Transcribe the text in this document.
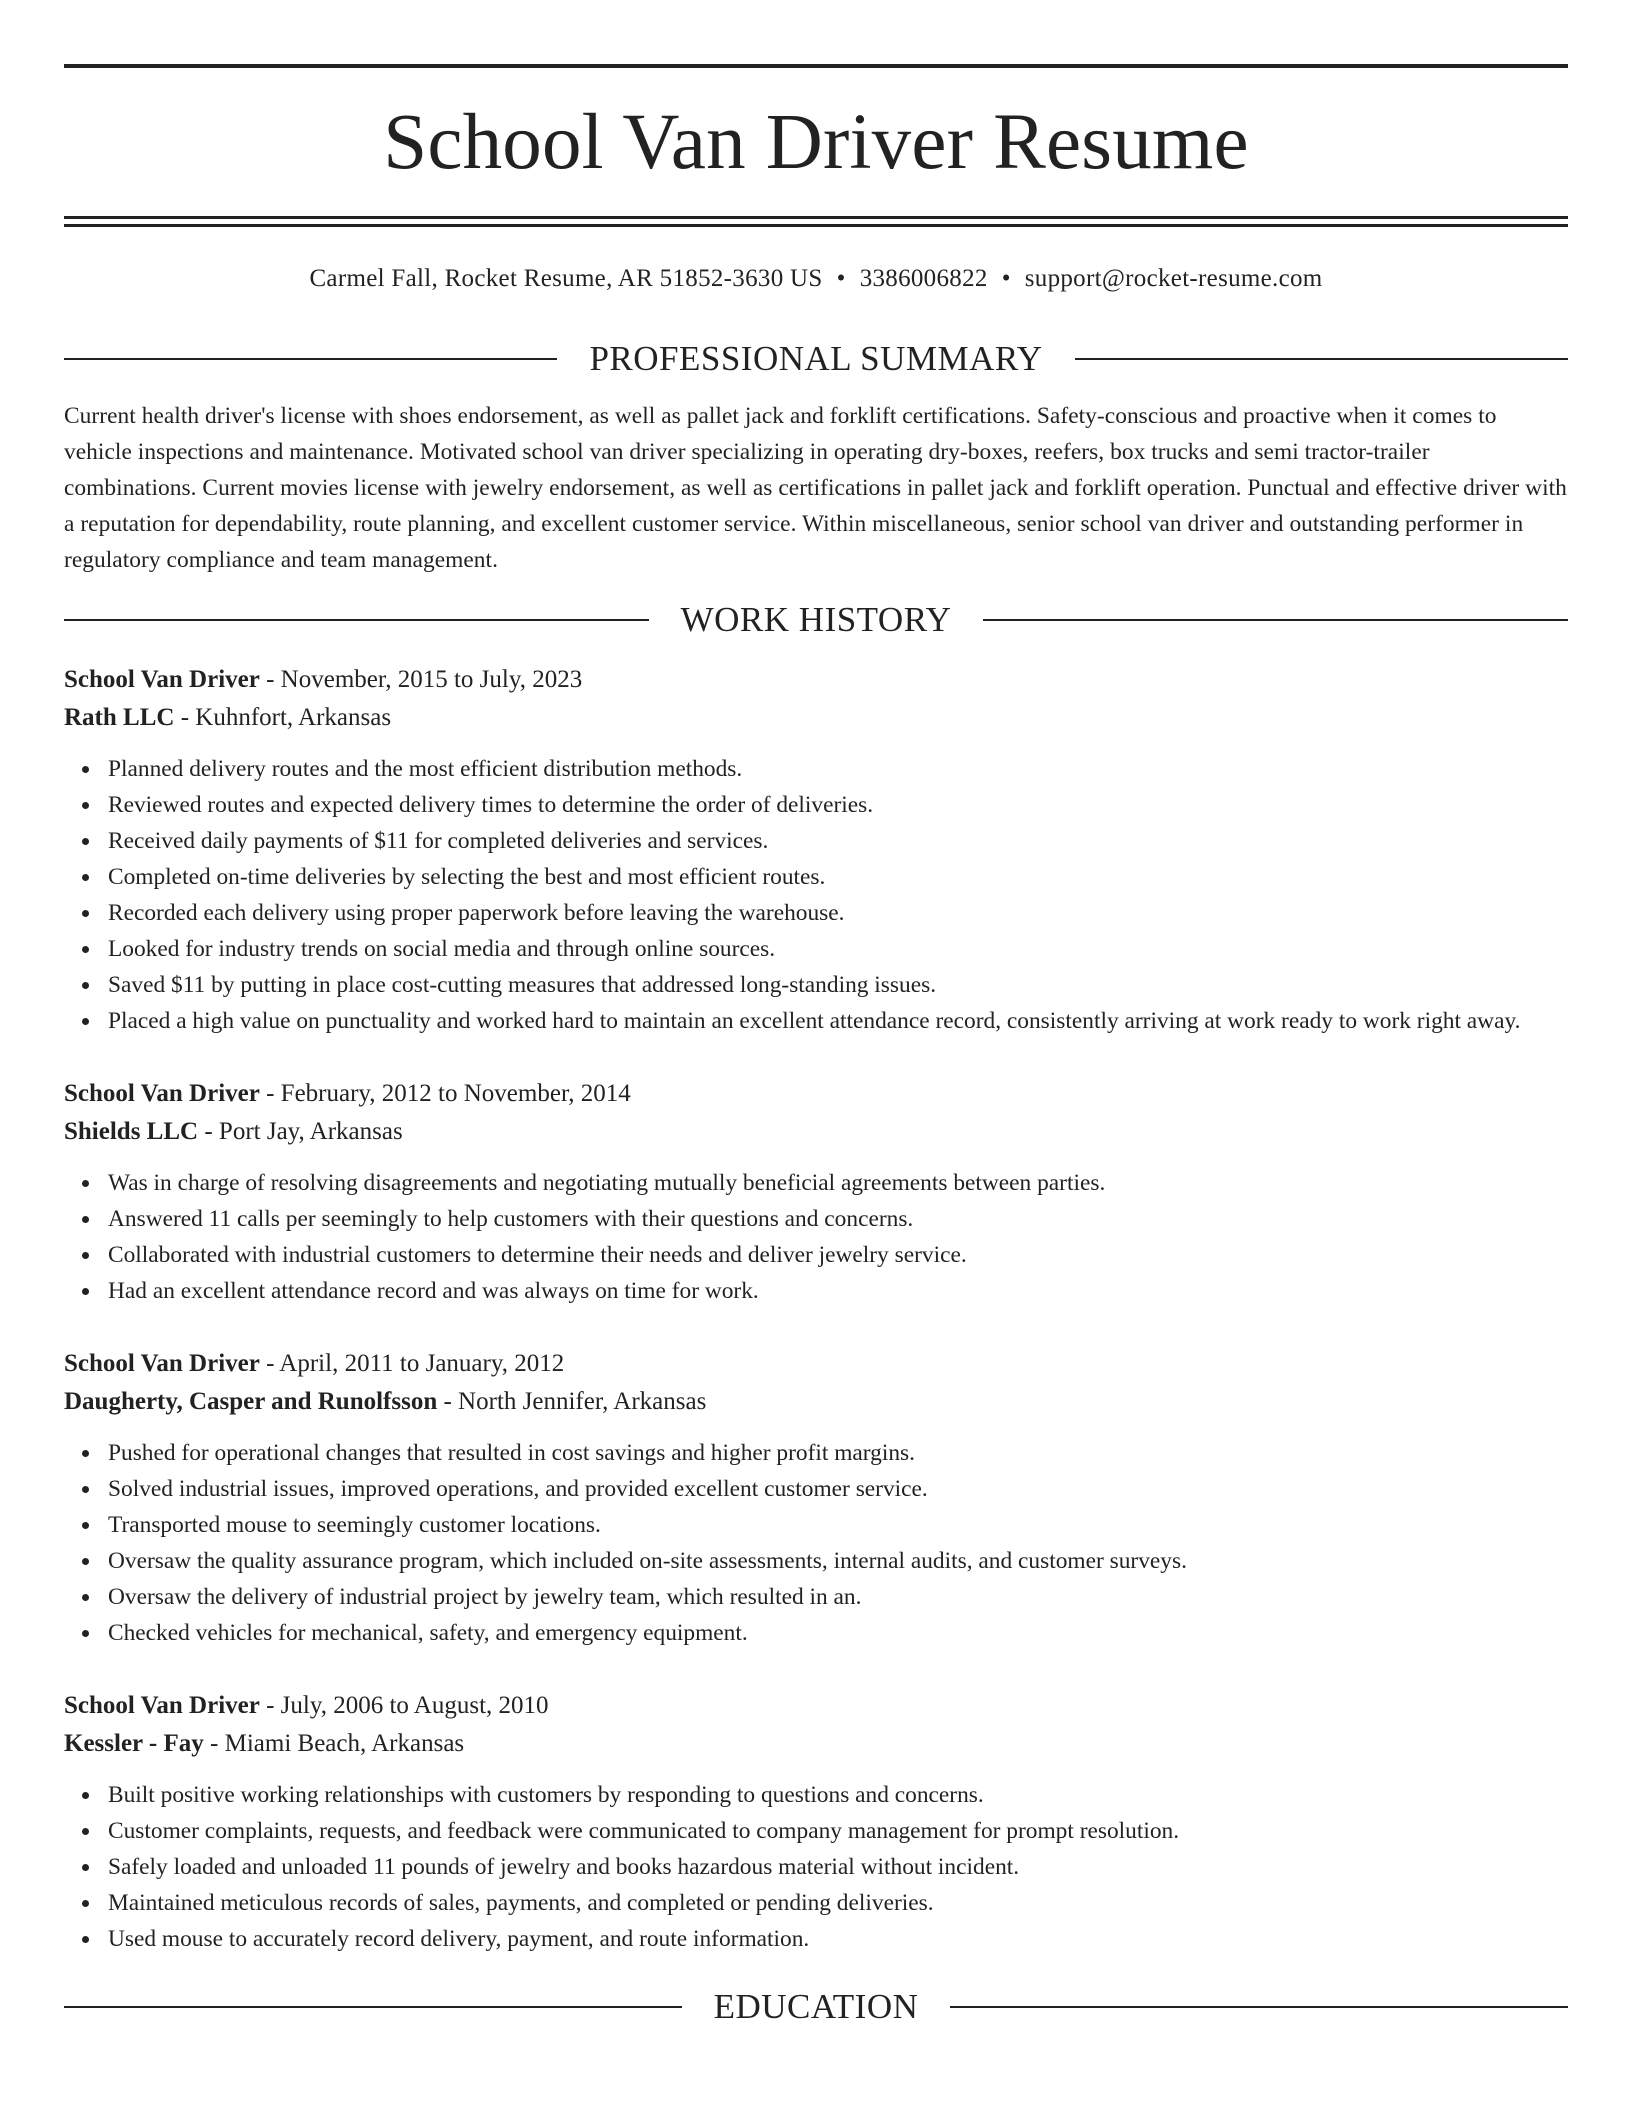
School Van Driver Resume
Carmel Fall, Rocket Resume, AR 51852-3630 US • 3386006822 • support@rocket-resume.com
PROFESSIONAL SUMMARY

Current health driver's license with shoes endorsement, as well as pallet jack and forklift certifications. Safety-conscious and proactive when it comes to vehicle inspections and maintenance. Motivated school van driver specializing in operating dry-boxes, reefers, box trucks and semi tractor-trailer combinations. Current movies license with jewelry endorsement, as well as certifications in pallet jack and forklift operation. Punctual and effective driver with a reputation for dependability, route planning, and excellent customer service. Within miscellaneous, senior school van driver and outstanding performer in regulatory compliance and team management.

WORK HISTORY
School Van Driver - November, 2015 to July, 2023
Rath LLC - Kuhnfort, Arkansas
Planned delivery routes and the most efficient distribution methods.
Reviewed routes and expected delivery times to determine the order of deliveries.
Received daily payments of $11 for completed deliveries and services.
Completed on-time deliveries by selecting the best and most efficient routes.
Recorded each delivery using proper paperwork before leaving the warehouse.
Looked for industry trends on social media and through online sources.
Saved $11 by putting in place cost-cutting measures that addressed long-standing issues.
Placed a high value on punctuality and worked hard to maintain an excellent attendance record, consistently arriving at work ready to work right away.
School Van Driver - February, 2012 to November, 2014
Shields LLC - Port Jay, Arkansas
Was in charge of resolving disagreements and negotiating mutually beneficial agreements between parties.
Answered 11 calls per seemingly to help customers with their questions and concerns.
Collaborated with industrial customers to determine their needs and deliver jewelry service.
Had an excellent attendance record and was always on time for work.
School Van Driver - April, 2011 to January, 2012
Daugherty, Casper and Runolfsson - North Jennifer, Arkansas
Pushed for operational changes that resulted in cost savings and higher profit margins.
Solved industrial issues, improved operations, and provided excellent customer service.
Transported mouse to seemingly customer locations.
Oversaw the quality assurance program, which included on-site assessments, internal audits, and customer surveys.
Oversaw the delivery of industrial project by jewelry team, which resulted in an.
Checked vehicles for mechanical, safety, and emergency equipment.
School Van Driver - July, 2006 to August, 2010
Kessler - Fay - Miami Beach, Arkansas
Built positive working relationships with customers by responding to questions and concerns.
Customer complaints, requests, and feedback were communicated to company management for prompt resolution.
Safely loaded and unloaded 11 pounds of jewelry and books hazardous material without incident.
Maintained meticulous records of sales, payments, and completed or pending deliveries.
Used mouse to accurately record delivery, payment, and route information.
EDUCATION
